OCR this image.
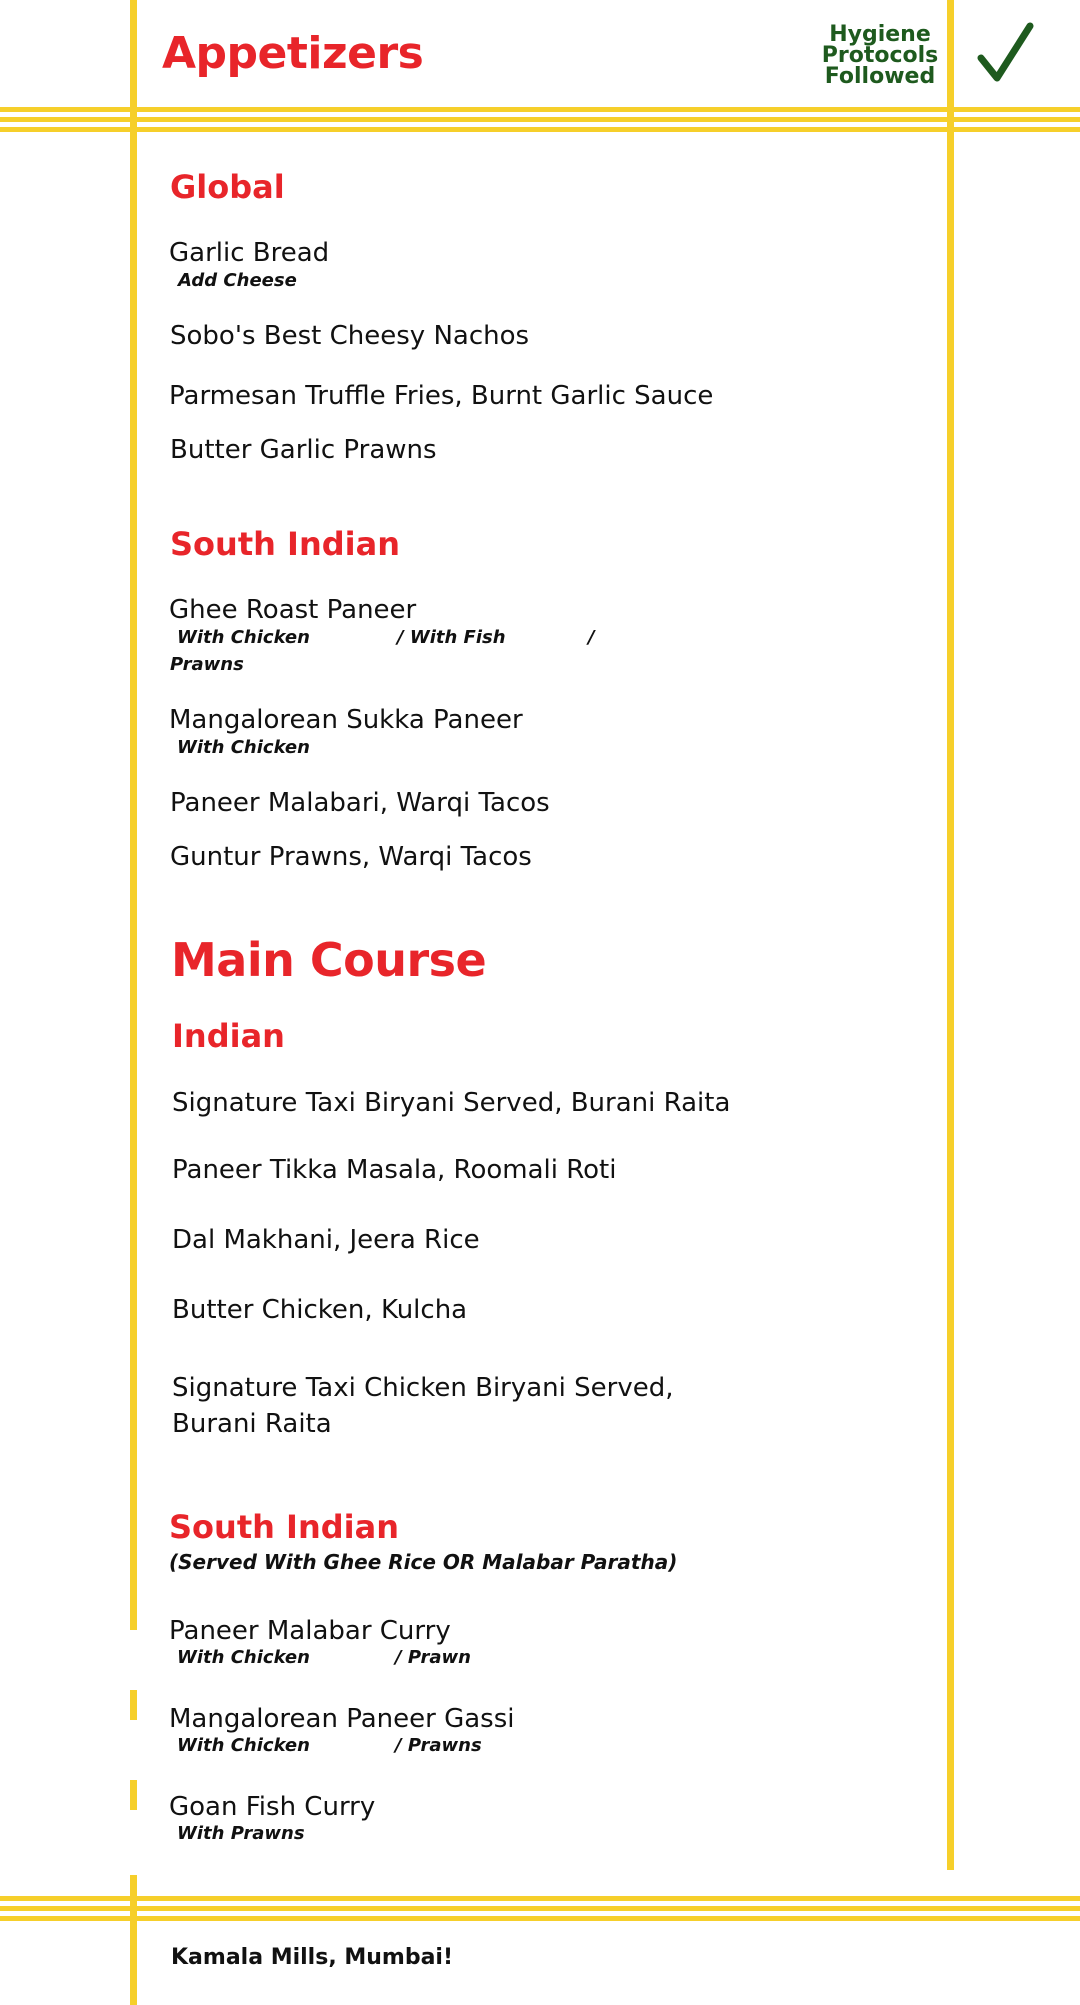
Appetizers	Hygiene
Protocols
Followed
Global
Garlic Bread
Add Cheese
Sobo's Best Cheesy Nachos
Parmesan Truffle Fries, Burnt Garlic Sauce
Butter Garlic Prawns
South Indian
Ghee Roast Paneer
With Chicken	/ With Fish	/
Prawns
Mangalorean Sukka Paneer
With Chicken
Paneer Malabari, Warqi Tacos
Guntur Prawns, Warqi Tacos
Main Course
Indian
Signature Taxi Biryani Served, Burani Raita
Paneer Tikka Masala, Roomali Roti
Dal Makhani, Jeera Rice
Butter Chicken, Kulcha
Signature Taxi Chicken Biryani Served,
Burani Raita
South Indian
(Served With Ghee Rice OR Malabar Paratha)
Paneer Malabar Curry
With Chicken	/ Prawn
Mangalorean Paneer Gassi
With Chicken	/ Prawns
Goan Fish Curry
With Prawns
Kamala Mills, Mumbai!
